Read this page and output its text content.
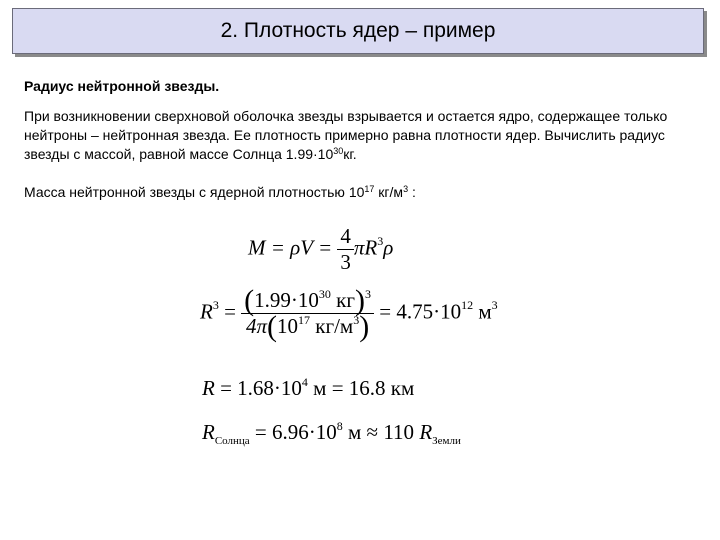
2. Плотность ядер – пример
Радиус нейтронной звезды.
При возникновении сверхновой оболочка звезды взрывается и остается ядро, содержащее только нейтроны – нейтронная звезда. Ее плотность примерно равна плотности ядер. Вычислить радиус звезды с массой, равной массе Солнца $1.99\cdot 10^{30}кг$.
Масса нейтронной звезды с ядерной плотностью $10^{17}$ $кг/м^3$ :
$M = \rho V = \frac{4}{3} \pi R^3\rho$
$R^3 = \frac{(1.99\cdot 10^{30} кг)^3}{4\pi(10^{17} кг/м^3)} = 4.75\cdot 10^{12}$ $м^3$
$R = 1.68\cdot 10^4$ м = 16.8 км
$R_{Солнца} = 6.96\cdot 10^8$ м ≈ 110 $R_{Земли}$
